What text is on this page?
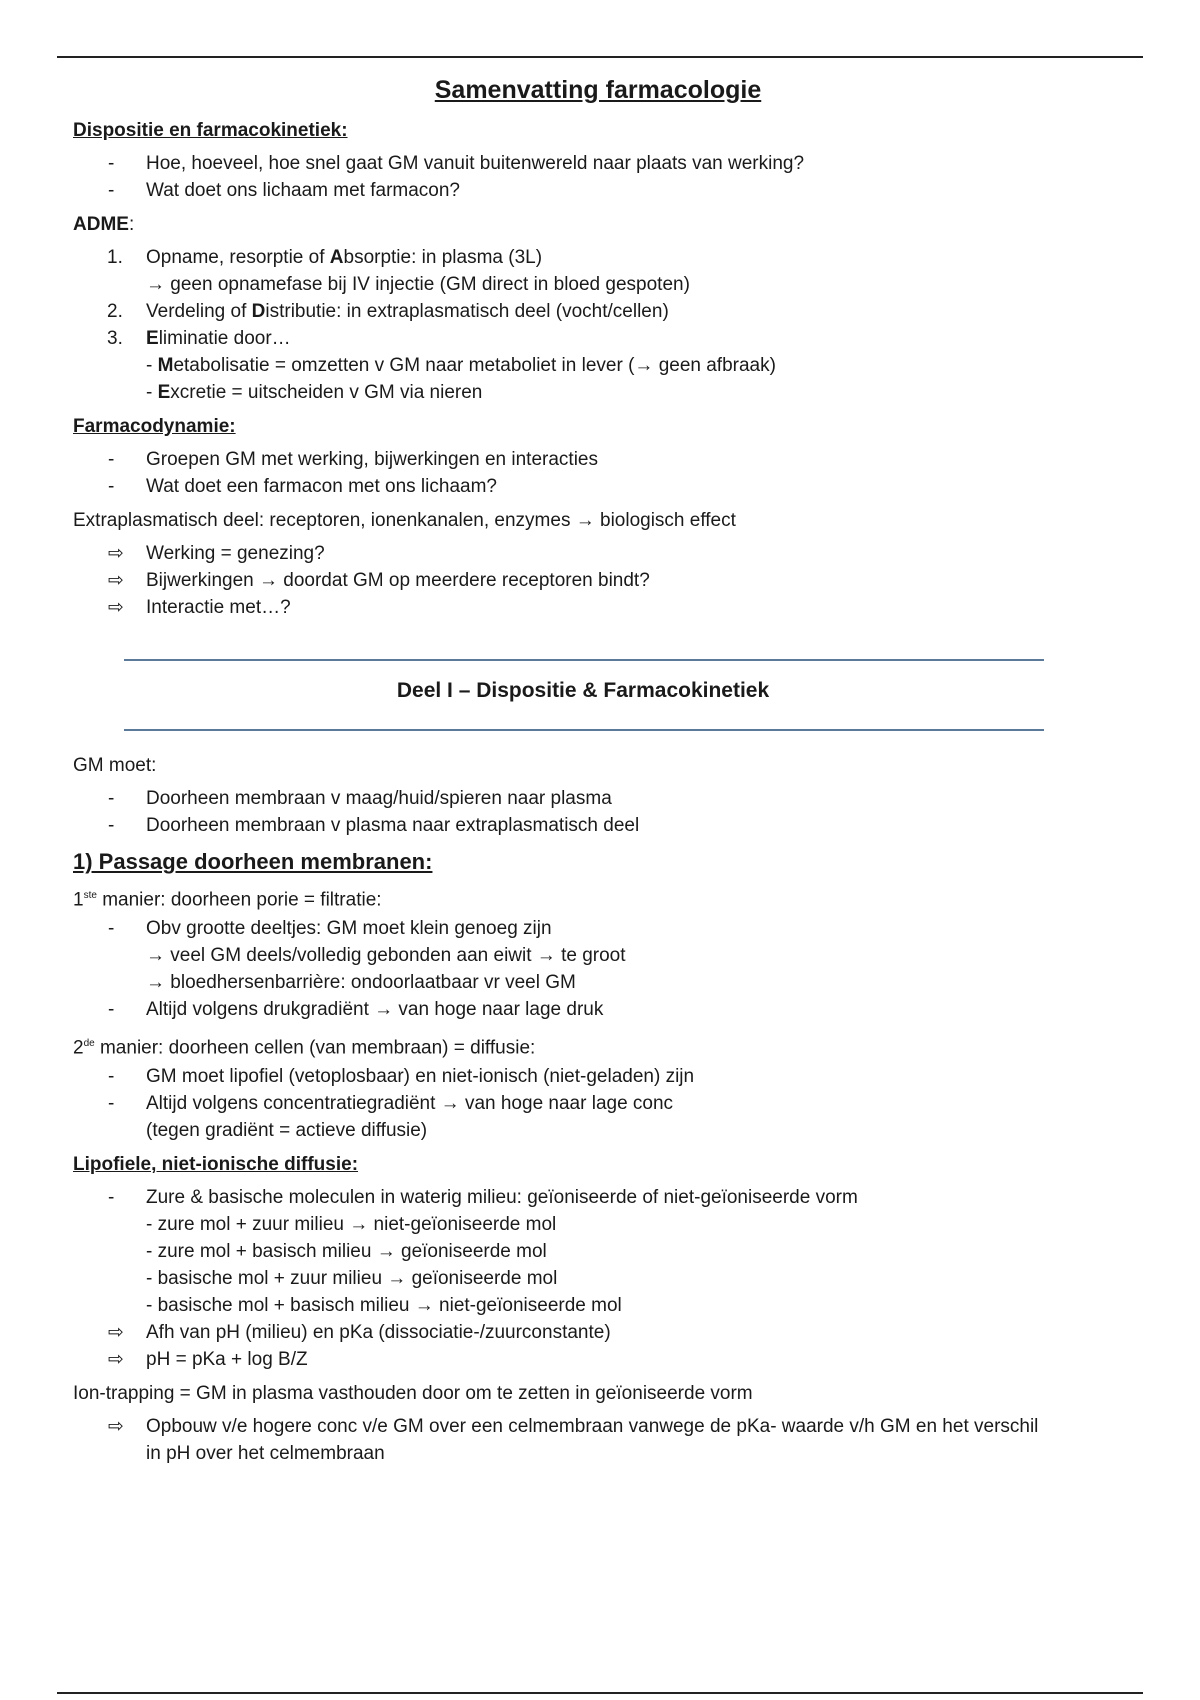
Samenvatting farmacologie
Dispositie en farmacokinetiek:
-	Hoe, hoeveel, hoe snel gaat GM vanuit buitenwereld naar plaats van werking?
-	Wat doet ons lichaam met farmacon?
ADME:
1.	Opname, resorptie of Absorptie: in plasma (3L)
→ geen opnamefase bij IV injectie (GM direct in bloed gespoten)
2.	Verdeling of Distributie: in extraplasmatisch deel (vocht/cellen)
3.	Eliminatie door…
- Metabolisatie = omzetten v GM naar metaboliet in lever (→ geen afbraak)
- Excretie = uitscheiden v GM via nieren
Farmacodynamie:
-	Groepen GM met werking, bijwerkingen en interacties
-	Wat doet een farmacon met ons lichaam?
Extraplasmatisch deel: receptoren, ionenkanalen, enzymes → biologisch effect
⇨	Werking = genezing?
⇨	Bijwerkingen → doordat GM op meerdere receptoren bindt?
⇨	Interactie met…?
Deel I – Dispositie & Farmacokinetiek
GM moet:
-	Doorheen membraan v maag/huid/spieren naar plasma
-	Doorheen membraan v plasma naar extraplasmatisch deel
1) Passage doorheen membranen:
1ste manier: doorheen porie = filtratie:
-	Obv grootte deeltjes: GM moet klein genoeg zijn
→ veel GM deels/volledig gebonden aan eiwit → te groot
→ bloedhersenbarrière: ondoorlaatbaar vr veel GM
-	Altijd volgens drukgradiënt → van hoge naar lage druk
2de manier: doorheen cellen (van membraan) = diffusie:
-	GM moet lipofiel (vetoplosbaar) en niet-ionisch (niet-geladen) zijn
-	Altijd volgens concentratiegradiënt → van hoge naar lage conc
(tegen gradiënt = actieve diffusie)
Lipofiele, niet-ionische diffusie:
-	Zure & basische moleculen in waterig milieu: geïoniseerde of niet-geïoniseerde vorm
- zure mol + zuur milieu → niet-geïoniseerde mol
- zure mol + basisch milieu → geïoniseerde mol
- basische mol + zuur milieu → geïoniseerde mol
- basische mol + basisch milieu → niet-geïoniseerde mol
⇨	Afh van pH (milieu) en pKa (dissociatie-/zuurconstante)
⇨	pH = pKa + log B/Z
Ion-trapping = GM in plasma vasthouden door om te zetten in geïoniseerde vorm
⇨	Opbouw v/e hogere conc v/e GM over een celmembraan vanwege de pKa- waarde v/h GM en het verschil
in pH over het celmembraan
